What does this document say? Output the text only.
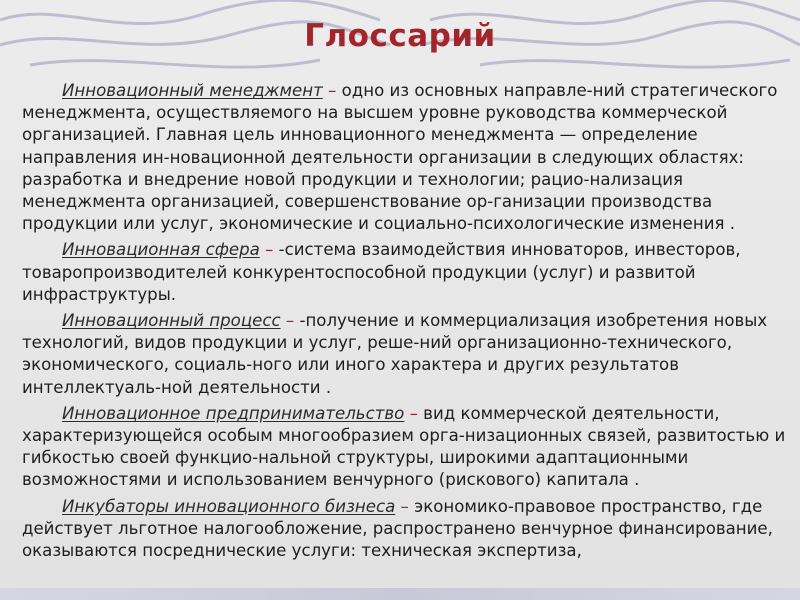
Глоссарий

Инновационный менеджмент – одно из основных направле-ний стратегического менеджмента, осуществляемого на высшем уровне руководства коммерческой организацией. Главная цель инновационного менеджмента — определение направления ин-новационной деятельности организации в следующих областях: разработка и внедрение новой продукции и технологии; рацио-нализация менеджмента организацией, совершенствование ор-ганизации производства продукции или услуг, экономические и социально-психологические изменения .

Инновационная сфера – -система взаимодействия инноваторов, инвесторов, товаропроизводителей конкурентоспособной продукции (услуг) и развитой инфраструктуры.

Инновационный процесс – -получение и коммерциализация изобретения новых технологий, видов продукции и услуг, реше-ний организационно-технического, экономического, социаль-ного или иного характера и других результатов интеллектуаль-ной деятельности .

Инновационное предпринимательство – вид коммерческой деятельности, характеризующейся особым многообразием орга-низационных связей, развитостью и гибкостью своей функцио-нальной структуры, широкими адаптационными возможностями и использованием венчурного (рискового) капитала .

Инкубаторы инновационного бизнеса – экономико-правовое пространство, где действует льготное налогообложение, распространено венчурное финансирование, оказываются посреднические услуги: техническая экспертиза,
